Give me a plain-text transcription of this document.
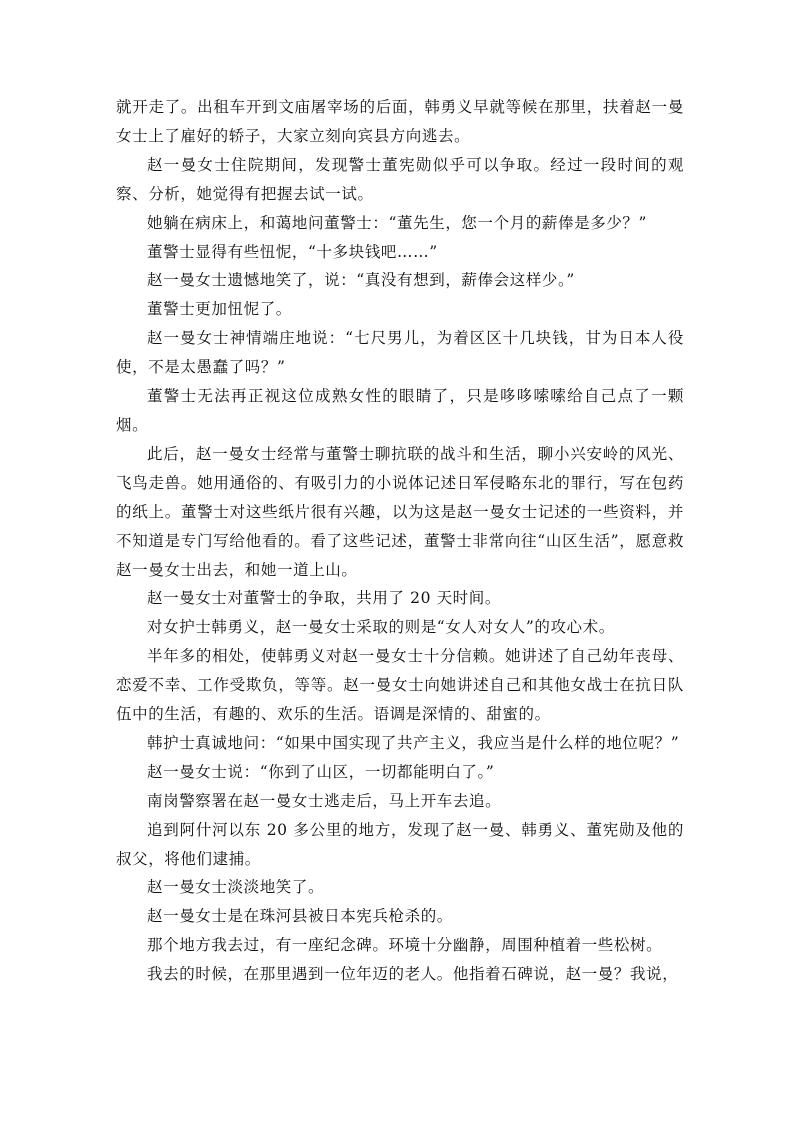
就开走了。出租车开到文庙屠宰场的后面，韩勇义早就等候在那里，扶着赵一曼女士上了雇好的轿子，大家立刻向宾县方向逃去。

赵一曼女士住院期间，发现警士董宪勋似乎可以争取。经过一段时间的观察、分析，她觉得有把握去试一试。

她躺在病床上，和蔼地问董警士：“董先生，您一个月的薪俸是多少？”

董警士显得有些忸怩，“十多块钱吧……”

赵一曼女士遗憾地笑了，说：“真没有想到，薪俸会这样少。”

董警士更加忸怩了。

赵一曼女士神情端庄地说：“七尺男儿，为着区区十几块钱，甘为日本人役使，不是太愚蠢了吗？”

董警士无法再正视这位成熟女性的眼睛了，只是哆哆嗦嗦给自己点了一颗烟。

此后，赵一曼女士经常与董警士聊抗联的战斗和生活，聊小兴安岭的风光、飞鸟走兽。她用通俗的、有吸引力的小说体记述日军侵略东北的罪行，写在包药的纸上。董警士对这些纸片很有兴趣，以为这是赵一曼女士记述的一些资料，并不知道是专门写给他看的。看了这些记述，董警士非常向往“山区生活”，愿意救赵一曼女士出去，和她一道上山。

赵一曼女士对董警士的争取，共用了 20 天时间。

对女护士韩勇义，赵一曼女士采取的则是“女人对女人”的攻心术。

半年多的相处，使韩勇义对赵一曼女士十分信赖。她讲述了自己幼年丧母、恋爱不幸、工作受欺负，等等。赵一曼女士向她讲述自己和其他女战士在抗日队伍中的生活，有趣的、欢乐的生活。语调是深情的、甜蜜的。

韩护士真诚地问：“如果中国实现了共产主义，我应当是什么样的地位呢？”

赵一曼女士说：“你到了山区，一切都能明白了。”

南岗警察署在赵一曼女士逃走后，马上开车去追。

追到阿什河以东 20 多公里的地方，发现了赵一曼、韩勇义、董宪勋及他的叔父，将他们逮捕。

赵一曼女士淡淡地笑了。

赵一曼女士是在珠河县被日本宪兵枪杀的。

那个地方我去过，有一座纪念碑。环境十分幽静，周围种植着一些松树。

我去的时候，在那里遇到一位年迈的老人。他指着石碑说，赵一曼？我说，
